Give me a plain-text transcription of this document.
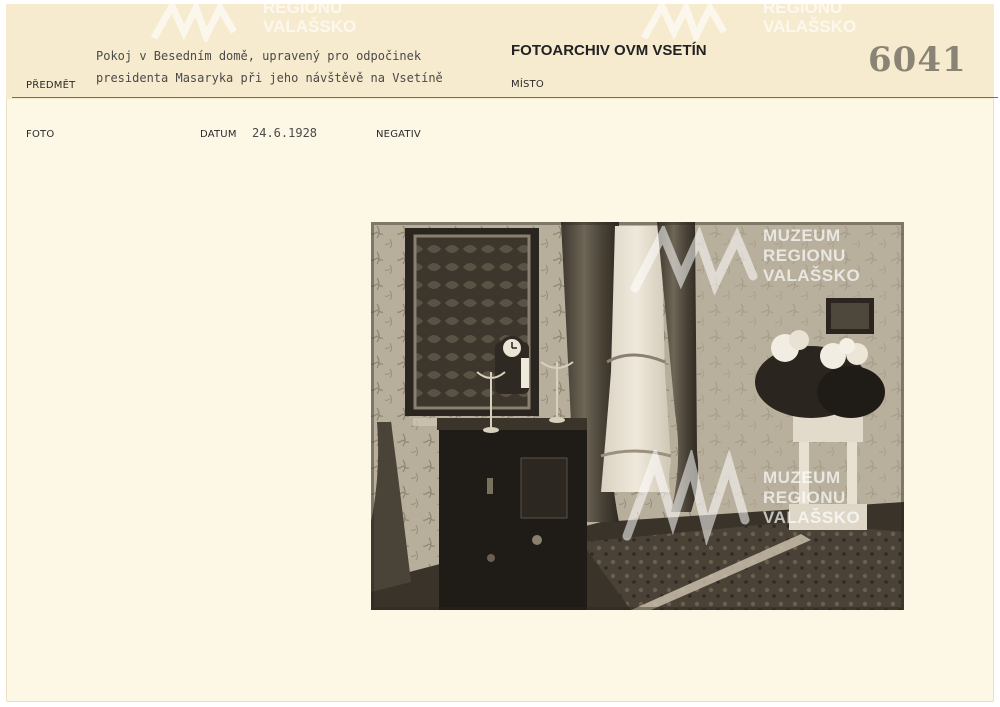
REGIONU
VALAŠSKO
REGIONU
VALAŠSKO
Pokoj v Besedním domě, upravený pro odpočinek
presidenta Masaryka při jeho návštěvě na Vsetíně
PŘEDMĚT
FOTOARCHIV OVM VSETÍN
MÍSTO
6041
FOTO	DATUM 24.6.1928	NEGATIV
MUZEUM
REGIONU
VALAŠSKO
MUZEUM
REGIONU
VALAŠSKO
